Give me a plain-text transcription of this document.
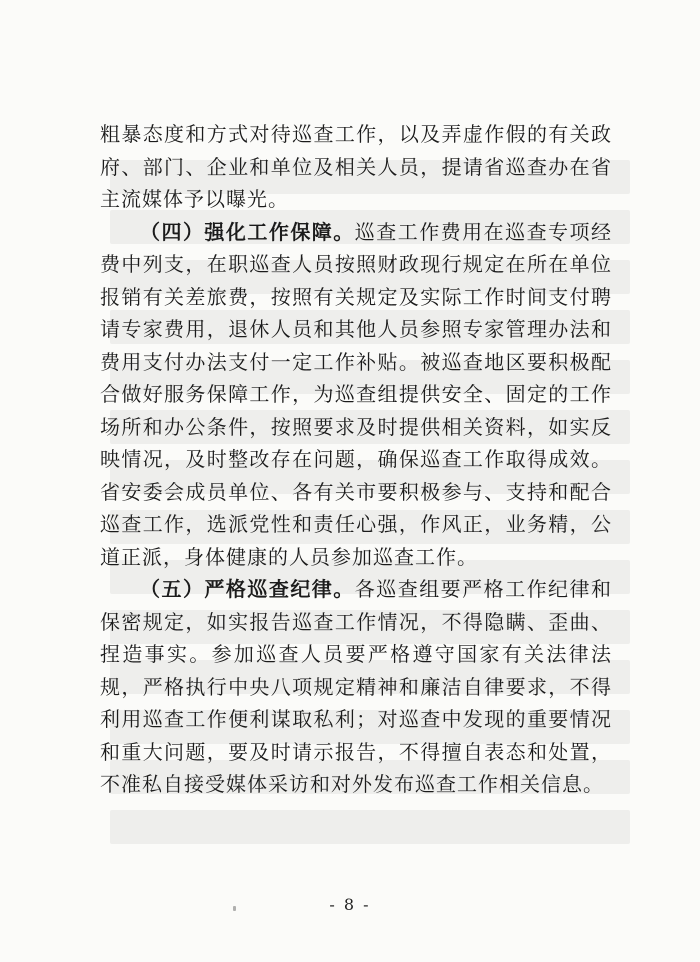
粗暴态度和方式对待巡查工作，以及弄虚作假的有关政府、部门、企业和单位及相关人员，提请省巡查办在省主流媒体予以曝光。

（四）强化工作保障。巡查工作费用在巡查专项经费中列支，在职巡查人员按照财政现行规定在所在单位报销有关差旅费，按照有关规定及实际工作时间支付聘请专家费用，退休人员和其他人员参照专家管理办法和费用支付办法支付一定工作补贴。被巡查地区要积极配合做好服务保障工作，为巡查组提供安全、固定的工作场所和办公条件，按照要求及时提供相关资料，如实反映情况，及时整改存在问题，确保巡查工作取得成效。省安委会成员单位、各有关市要积极参与、支持和配合巡查工作，选派党性和责任心强，作风正，业务精，公道正派，身体健康的人员参加巡查工作。

（五）严格巡查纪律。各巡查组要严格工作纪律和保密规定，如实报告巡查工作情况，不得隐瞒、歪曲、捏造事实。参加巡查人员要严格遵守国家有关法律法规，严格执行中央八项规定精神和廉洁自律要求，不得利用巡查工作便利谋取私利；对巡查中发现的重要情况和重大问题，要及时请示报告，不得擅自表态和处置，不准私自接受媒体采访和对外发布巡查工作相关信息。

- 8 -
